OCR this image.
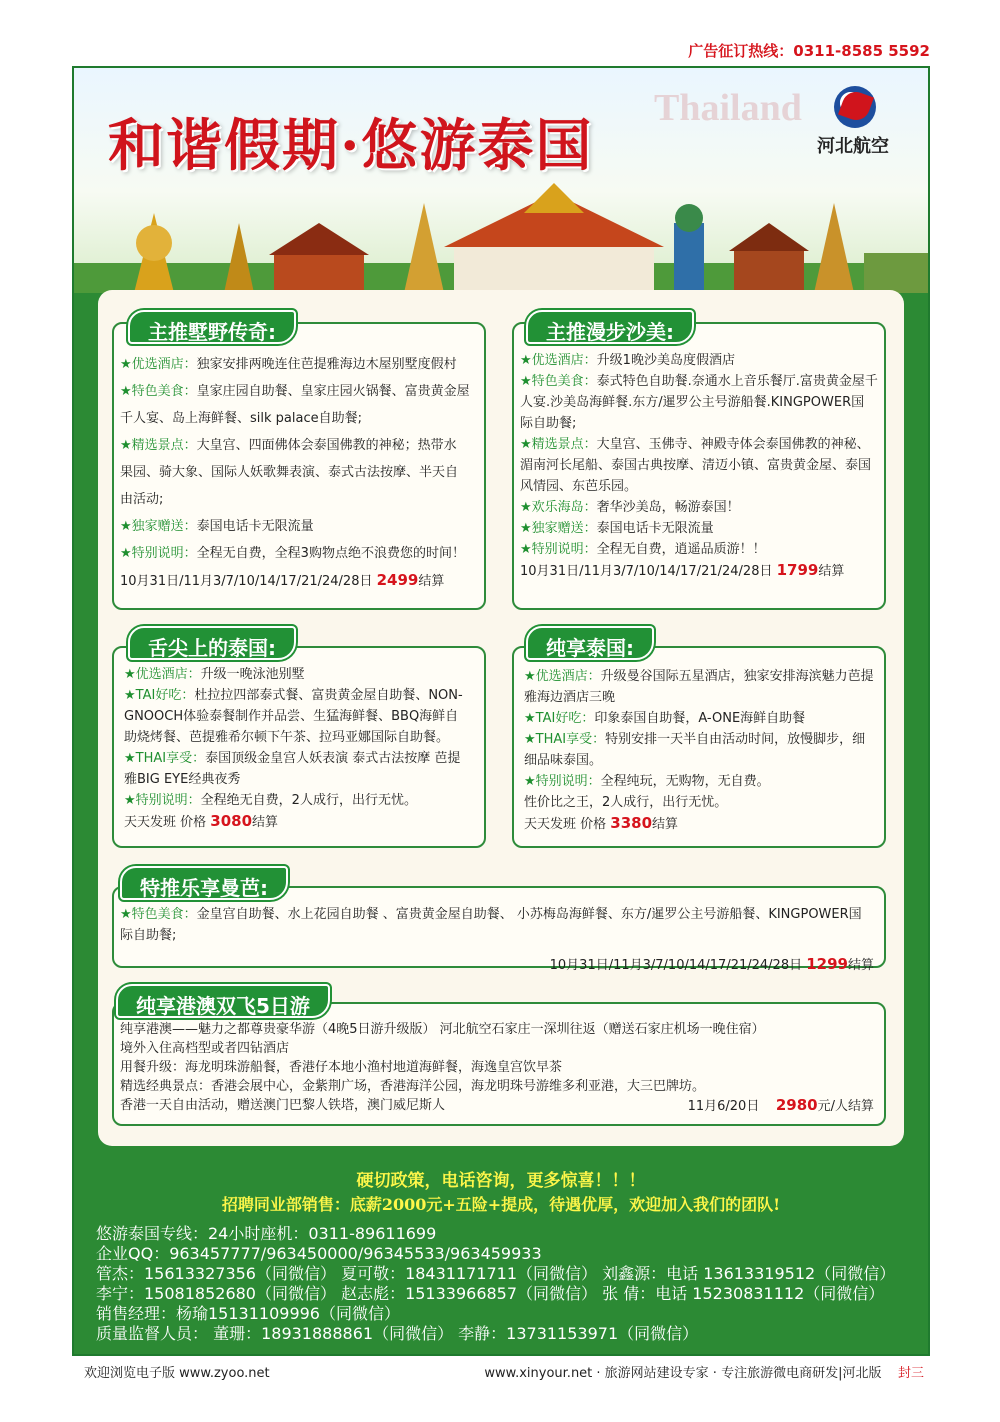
广告征订热线：0311-8585 5592
Thailand
和谐假期·悠游泰国	河北航空
主推墅野传奇:
★优选酒店：独家安排两晚连住芭提雅海边木屋别墅度假村
★特色美食：皇家庄园自助餐、皇家庄园火锅餐、富贵黄金屋
千人宴、岛上海鲜餐、silk palace自助餐;
★精选景点：大皇宫、四面佛体会泰国佛教的神秘；热带水
果园、骑大象、国际人妖歌舞表演、泰式古法按摩、半天自
由活动;
★独家赠送：泰国电话卡无限流量
★特别说明：全程无自费，全程3购物点绝不浪费您的时间！
10月31日/11月3/7/10/14/17/21/24/28日 2499结算
主推漫步沙美:
★优选酒店：升级1晚沙美岛度假酒店
★特色美食：泰式特色自助餐.奈通水上音乐餐厅.富贵黄金屋千
人宴.沙美岛海鲜餐.东方/暹罗公主号游船餐.KINGPOWER国
际自助餐;
★精选景点：大皇宫、玉佛寺、神殿寺体会泰国佛教的神秘、
湄南河长尾船、泰国古典按摩、清迈小镇、富贵黄金屋、泰国
风情园、东芭乐园。
★欢乐海岛：奢华沙美岛，畅游泰国！
★独家赠送：泰国电话卡无限流量
★特别说明：全程无自费，逍遥品质游！！
10月31日/11月3/7/10/14/17/21/24/28日 1799结算
舌尖上的泰国:
★优选酒店：升级一晚泳池别墅
★TAI好吃：杜拉拉四部泰式餐、富贵黄金屋自助餐、NON-
GNOOCH体验泰餐制作并品尝、生猛海鲜餐、BBQ海鲜自
助烧烤餐、芭提雅希尔顿下午茶、拉玛亚娜国际自助餐。
★THAI享受：泰国顶级金皇宫人妖表演 泰式古法按摩 芭提
雅BIG EYE经典夜秀
★特别说明：全程绝无自费，2人成行，出行无忧。
天天发班 价格 3080结算
纯享泰国:
★优选酒店：升级曼谷国际五星酒店，独家安排海滨魅力芭提
雅海边酒店三晚
★TAI好吃：印象泰国自助餐，A-ONE海鲜自助餐
★THAI享受：特别安排一天半自由活动时间，放慢脚步，细
细品味泰国。
★特别说明：全程纯玩，无购物，无自费。
性价比之王，2人成行，出行无忧。
天天发班 价格 3380结算
特推乐享曼芭:
★特色美食：金皇宫自助餐、水上花园自助餐 、富贵黄金屋自助餐、 小苏梅岛海鲜餐、东方/暹罗公主号游船餐、KINGPOWER国
际自助餐;
10月31日/11月3/7/10/14/17/21/24/28日 1299结算
纯享港澳双飞5日游
纯享港澳——魅力之都尊贵豪华游（4晚5日游升级版） 河北航空石家庄一深圳往返（赠送石家庄机场一晚住宿）
境外入住高档型或者四钻酒店
用餐升级：海龙明珠游船餐，香港仔本地小渔村地道海鲜餐，海逸皇宫饮早茶
精选经典景点：香港会展中心，金紫荆广场，香港海洋公园，海龙明珠号游维多利亚港，大三巴牌坊。
香港一天自由活动，赠送澳门巴黎人铁塔，澳门威尼斯人	11月6/20日 2980元/人结算
硬切政策，电话咨询，更多惊喜！！！
招聘同业部销售：底薪2000元+五险+提成，待遇优厚，欢迎加入我们的团队!
悠游泰国专线：24小时座机：0311-89611699
企业QQ：963457777/963450000/96345533/963459933
管杰：15613327356（同微信） 夏可敬：18431171711（同微信） 刘鑫源：电话 13613319512（同微信）
李宁：15081852680（同微信） 赵志彪：15133966857（同微信） 张 倩：电话 15230831112（同微信）
销售经理：杨瑜15131109996（同微信）
质量监督人员： 董珊：18931888861（同微信） 李静：13731153971（同微信）
欢迎浏览电子版 www.zyoo.net	www.xinyour.net · 旅游网站建设专家 · 专注旅游微电商研发|河北版 封三
